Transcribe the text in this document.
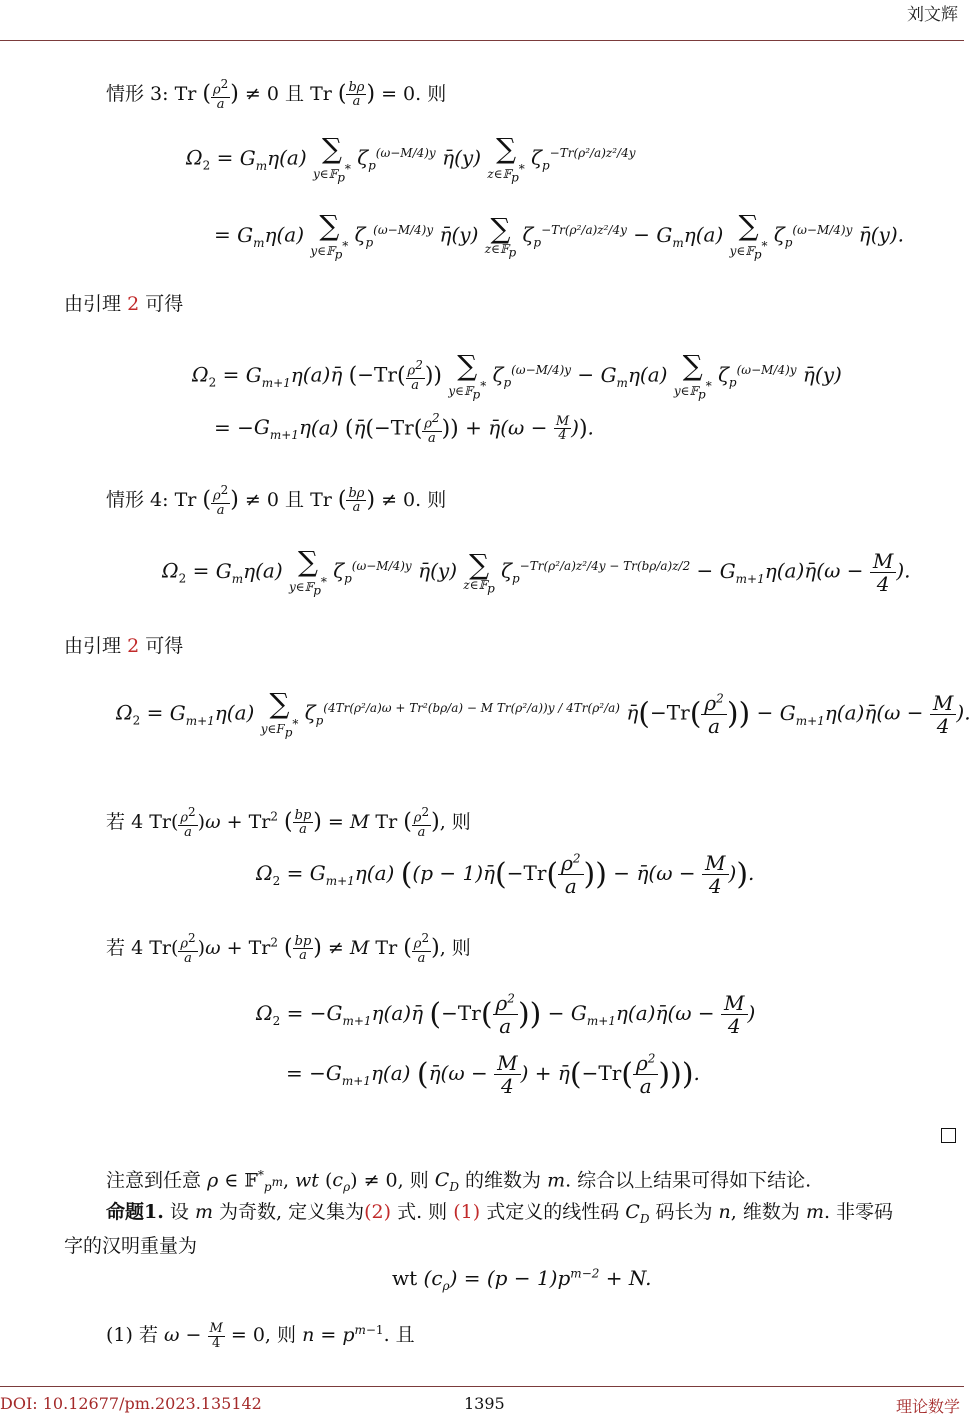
刘文辉
情形 3: Tr ( $\frac{\rho^2}{a}$ ) ≠ 0 且 Tr ( $\frac{b\rho}{a}$ ) = 0. 则
$\Omega_2 = G_m\eta(a)$ ∑
y∈𝔽$_p$* $\zeta_p^{(\omega-M/4)y}$ η̄(y) ∑
z∈𝔽$_p$* $\zeta_p^{-Tr(\rho^2/a)z^2/4y}$
= $G_m\eta(a)$ ∑
y∈𝔽$_p$* $\zeta_p^{(\omega-M/4)y}$ η̄(y) ∑
z∈𝔽$_p$
$\zeta_p^{-Tr(\rho^2/a)z^2/4y} - G_m\eta(a)$ ∑
y∈𝔽$_p$* $\zeta_p^{(\omega-M/4)y}$ η̄(y).
由引理 2 可得
$\Omega_2$ = $G_{m+1}\eta(a)\etā$ ($-Tr( \frac{\rho^2}{a}$ )) ∑
y∈𝔽$_p$* $\zeta_p^{(\omega-M/4)y} - G_m\eta(a)$ ∑
y∈𝔽$_p$* $\zeta_p^{(\omega-M/4)y}$ η̄(y)
= $-G_{m+1}\eta(a)$ (η̄(−Tr( $\frac{\rho^2}{a}$ )) + η̄(ω − $\frac{M}{4}$ )).
情形 4: Tr ( $\frac{\rho^2}{a}$ ) ≠ 0 且 Tr ( $\frac{b\rho}{a}$ ) ≠ 0. 则
$\Omega_2 = G_m\eta(a)$ ∑
y∈𝔽$_p$* $\zeta_p^{(\omega-M/4)y}$ η̄(y) ∑
z∈𝔽$_p$
$\zeta_p^{-Tr(\rho^2/a)z^2/4y - Tr(b\rho/a)z/2}$ − $G_{m+1}\eta(a)\etā(\omega - \frac{M}{4}$ ).
由引理 2 可得
$\Omega_2 = G_{m+1}\eta(a)$ ∑
$y\in F_p^*$ $\zeta_p^{(4Tr(\rho^2/a)\omega + Tr^2(b\rho/a) - M Tr(\rho^2/a))y / 4Tr(\rho^2/a)}$ η̄(−Tr( $\frac{\rho^2}{a}$ )) − $G_{m+1}\eta(a)\etā(\omega - \frac{M}{4}$ ).
若 4 $Tr( \frac{\rho^2}{a} )\omega + Tr^2$ ( $\frac{bp}{a}$ ) = M Tr ( $\frac{\rho^2}{a}$ ), 则
$\Omega_2 = G_{m+1}\eta(a) ((p$ − 1)η̄(−Tr( $\frac{\rho^2}{a}$ )) − η̄(ω − $\frac{M}{4}$ )).
若 4 $Tr( \frac{\rho^2}{a} )\omega + Tr^2$ ( $\frac{bp}{a}$ ) ≠ M Tr ( $\frac{\rho^2}{a}$ ), 则
$\Omega_2$ = $-G_{m+1}\eta(a)\etā$ ($-Tr( \frac{\rho^2}{a}$ )) − $G_{m+1}\eta(a)\etā(\omega - \frac{M}{4}$ )
= $-G_{m+1}\eta(a)$ (η̄(ω − $\frac{M}{4}$ ) + η̄(−Tr( $\frac{\rho^2}{a}$ ))).
注意到任意 ρ ∈ 𝔽*$_{p^m}$, wt $(c_\rho) \ne 0$, 则 $C_D$ 的维数为 m. 综合以上结果可得如下结论.
命题1. 设 m 为奇数, 定义集为(2) 式. 则 (1) 式定义的线性码 $C_D$ 码长为 n, 维数为 m. 非零码
字的汉明重量为
wt $(c_\rho) = (p - 1)p^{m-2} + N$.
(1) 若 $\omega - \frac{M}{4} = 0$, 则 $n = p^{m-1}$. 且
DOI: 10.12677/pm.2023.135142	1395	理论数学
